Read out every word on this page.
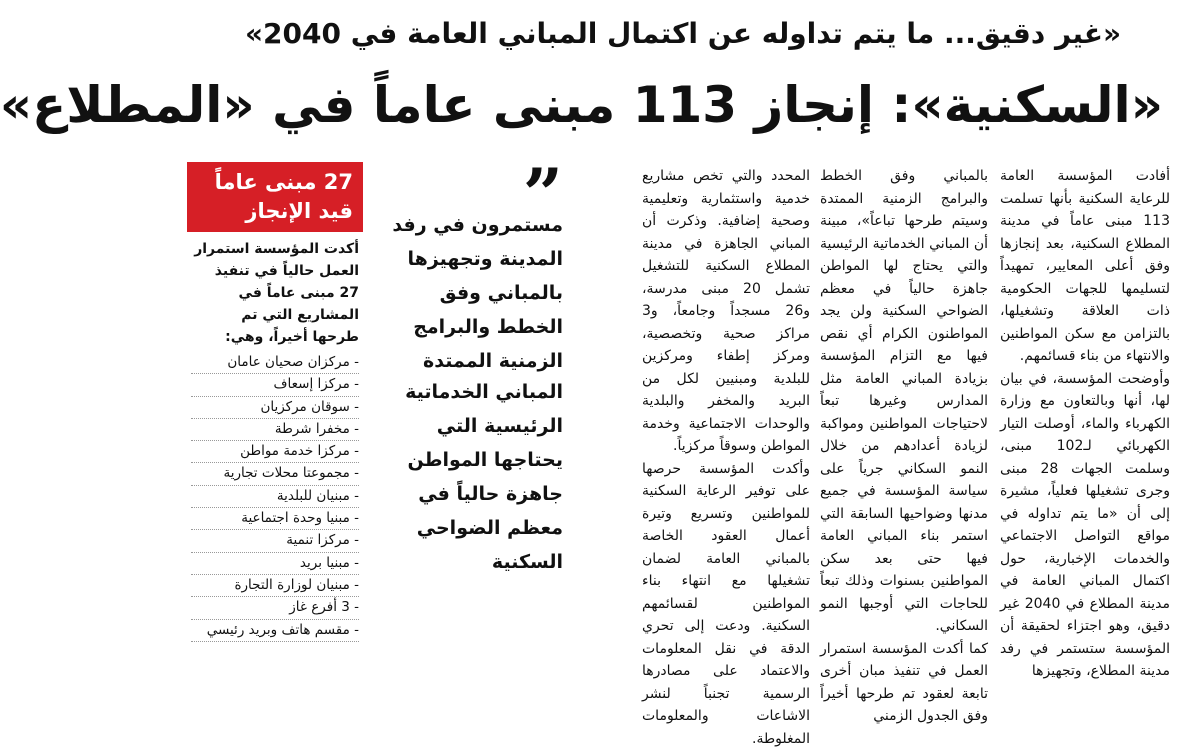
«غير دقيق... ما يتم تداوله عن اكتمال المباني العامة في 2040»
«السكنية»: إنجاز 113 مبنى عاماً في «المطلاع»

أفادت المؤسسة العامة للرعاية السكنية بأنها تسلمت 113 مبنى عاماً في مدينة المطلاع السكنية، بعد إنجازها وفق أعلى المعايير، تمهيداً لتسليمها للجهات الحكومية ذات العلاقة وتشغيلها، بالتزامن مع سكن المواطنين والانتهاء من بناء قسائمهم.

وأوضحت المؤسسة، في بيان لها، أنها وبالتعاون مع وزارة الكهرباء والماء، أوصلت التيار الكهربائي لـ102 مبنى، وسلمت الجهات 28 مبنى وجرى تشغيلها فعلياً، مشيرة إلى أن «ما يتم تداوله في مواقع التواصل الاجتماعي والخدمات الإخبارية، حول اكتمال المباني العامة في مدينة المطلاع في 2040 غير دقيق، وهو اجتزاء لحقيقة أن المؤسسة ستستمر في رفد مدينة المطلاع، وتجهيزها

بالمباني وفق الخطط والبرامج الزمنية الممتدة وسيتم طرحها تباعاً»، مبينة أن المباني الخدماتية الرئيسية والتي يحتاج لها المواطن جاهزة حالياً في معظم الضواحي السكنية ولن يجد المواطنون الكرام أي نقص فيها مع التزام المؤسسة بزيادة المباني العامة مثل المدارس وغيرها تبعاً لاحتياجات المواطنين ومواكبة لزيادة أعدادهم من خلال النمو السكاني جرياً على سياسة المؤسسة في جميع مدنها وضواحيها السابقة التي استمر بناء المباني العامة فيها حتى بعد سكن المواطنين بسنوات وذلك تبعاً للحاجات التي أوجبها النمو السكاني.

كما أكدت المؤسسة استمرار العمل في تنفيذ مبان أخرى تابعة لعقود تم طرحها أخيراً وفق الجدول الزمني

المحدد والتي تخص مشاريع خدمية واستثمارية وتعليمية وصحية إضافية. وذكرت أن المباني الجاهزة في مدينة المطلاع السكنية للتشغيل تشمل 20 مبنى مدرسة، و26 مسجداً وجامعاً، و3 مراكز صحية وتخصصية، ومركز إطفاء ومركزين للبلدية ومبنيين لكل من البريد والمخفر والبلدية والوحدات الاجتماعية وخدمة المواطن وسوقاً مركزياً.

وأكدت المؤسسة حرصها على توفير الرعاية السكنية للمواطنين وتسريع وتيرة أعمال العقود الخاصة بالمباني العامة لضمان تشغيلها مع انتهاء بناء المواطنين لقسائمهم السكنية. ودعت إلى تحري الدقة في نقل المعلومات والاعتماد على مصادرها الرسمية تجنباً لنشر الاشاعات والمعلومات المغلوطة.

”
مستمرون في رفد المدينة وتجهيزها بالمباني وفق الخطط والبرامج الزمنية الممتدة
المباني الخدماتية الرئيسية التي يحتاجها المواطن جاهزة حالياً في معظم الضواحي السكنية
27 مبنى عاماً قيد الإنجاز
أكدت المؤسسة استمرار العمل حالياً في تنفيذ 27 مبنى عاماً في المشاريع التي تم طرحها أخيراً، وهي:
- مركزان صحيان عامان
- مركزا إسعاف
- سوقان مركزيان
- مخفرا شرطة
- مركزا خدمة مواطن
- مجموعتا محلات تجارية
- مبنيان للبلدية
- مبنيا وحدة اجتماعية
- مركزا تنمية
- مبنيا بريد
- مبنيان لوزارة التجارة
- 3 أفرع غاز
- مقسم هاتف وبريد رئيسي
